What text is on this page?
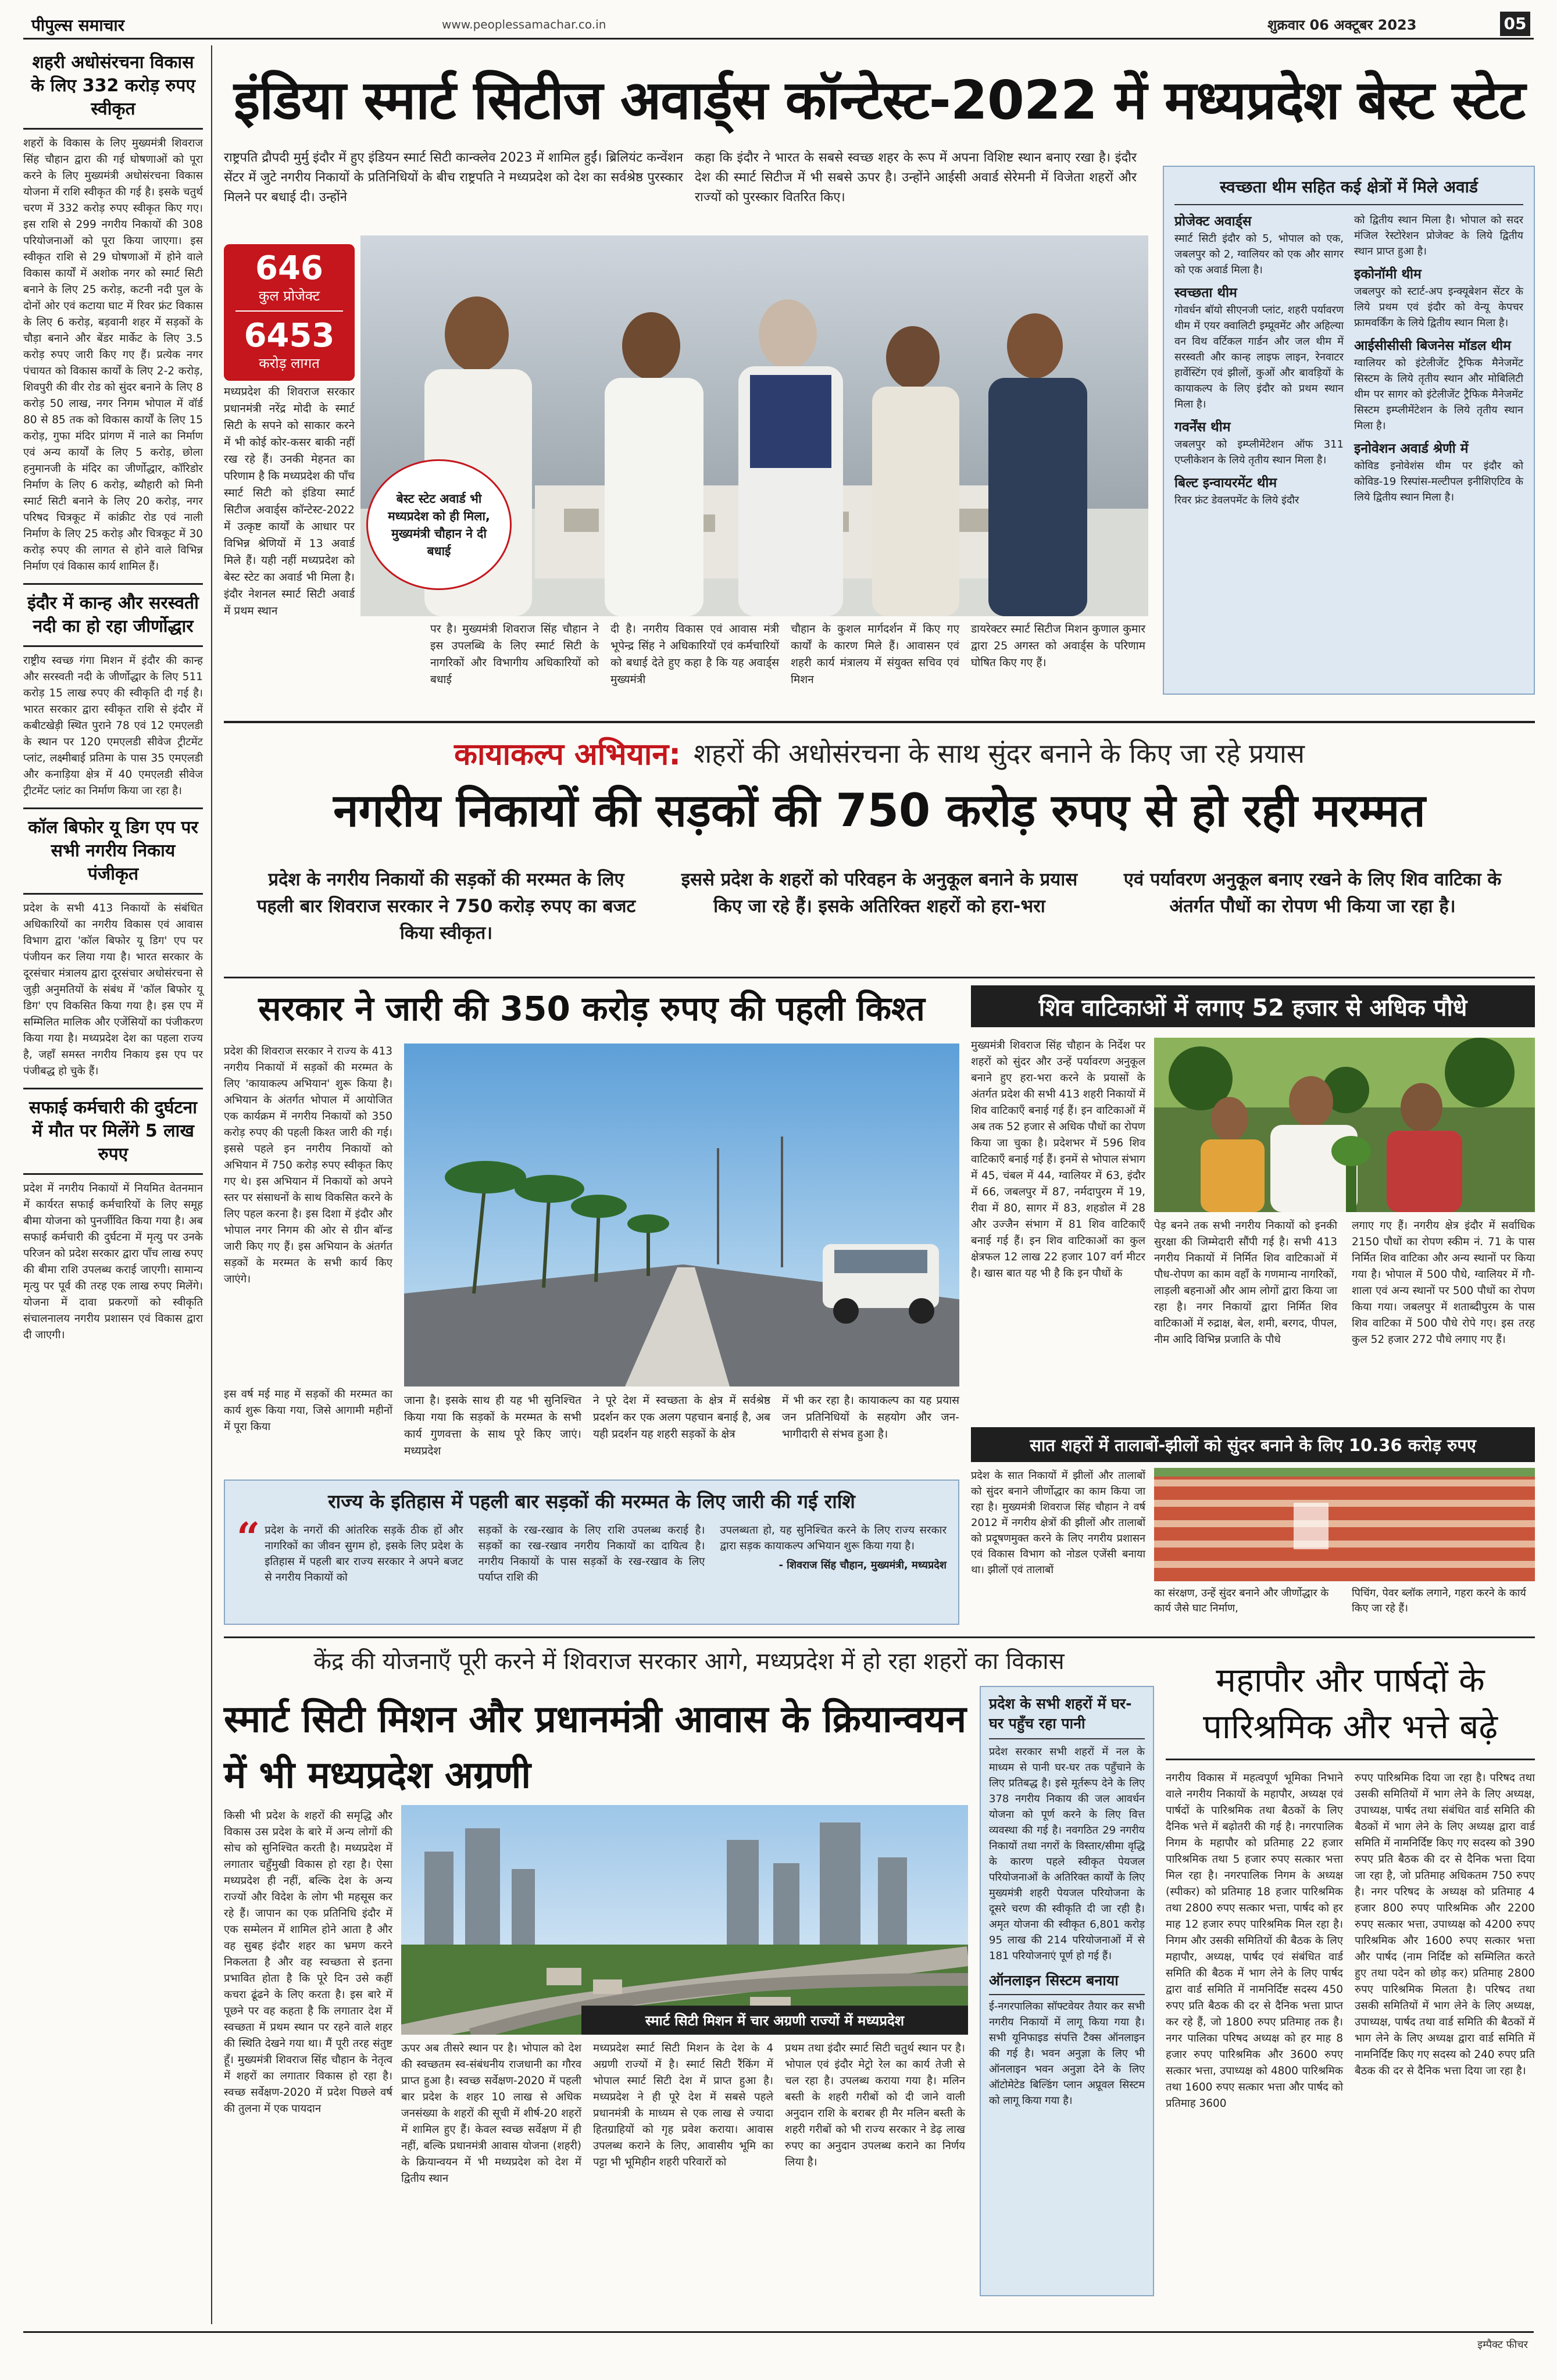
पीपुल्स समाचार	www.peoplessamachar.co.in	शुक्रवार 06 अक्टूबर 2023	05
शहरी अधोसंरचना विकास के लिए 332 करोड़ रुपए स्वीकृत

शहरों के विकास के लिए मुख्यमंत्री शिवराज सिंह चौहान द्वारा की गई घोषणाओं को पूरा करने के लिए मुख्यमंत्री अधोसंरचना विकास योजना में राशि स्वीकृत की गई है। इसके चतुर्थ चरण में 332 करोड़ रुपए स्वीकृत किए गए। इस राशि से 299 नगरीय निकायों की 308 परियोजनाओं को पूरा किया जाएगा। इस स्वीकृत राशि से 29 घोषणाओं में होने वाले विकास कार्यों में अशोक नगर को स्मार्ट सिटी बनाने के लिए 25 करोड़, कटनी नदी पुल के दोनों ओर एवं कटाया घाट में रिवर फ्रंट विकास के लिए 6 करोड़, बड़वानी शहर में सड़कों के चौड़ा बनाने और बेंडर मार्केट के लिए 3.5 करोड़ रुपए जारी किए गए हैं। प्रत्येक नगर पंचायत को विकास कार्यों के लिए 2-2 करोड़, शिवपुरी की वीर रोड को सुंदर बनाने के लिए 8 करोड़ 50 लाख, नगर निगम भोपाल में वॉर्ड 80 से 85 तक को विकास कार्यों के लिए 15 करोड़, गुफा मंदिर प्रांगण में नाले का निर्माण एवं अन्य कार्यों के लिए 5 करोड़, छोला हनुमानजी के मंदिर का जीर्णोद्धार, कॉरिडोर निर्माण के लिए 6 करोड़, ब्यौहारी को मिनी स्मार्ट सिटी बनाने के लिए 20 करोड़, नगर परिषद चित्रकूट में कांक्रीट रोड एवं नाली निर्माण के लिए 25 करोड़ और चित्रकूट में 30 करोड़ रुपए की लागत से होने वाले विभिन्न निर्माण एवं विकास कार्य शामिल हैं।

इंदौर में कान्ह और सरस्वती नदी का हो रहा जीर्णोद्धार

राष्ट्रीय स्वच्छ गंगा मिशन में इंदौर की कान्ह और सरस्वती नदी के जीर्णोद्धार के लिए 511 करोड़ 15 लाख रुपए की स्वीकृति दी गई है। भारत सरकार द्वारा स्वीकृत राशि से इंदौर में कबीटखेड़ी स्थित पुराने 78 एवं 12 एमएलडी के स्थान पर 120 एमएलडी सीवेज ट्रीटमेंट प्लांट, लक्ष्मीबाई प्रतिमा के पास 35 एमएलडी और कनाड़िया क्षेत्र में 40 एमएलडी सीवेज ट्रीटमेंट प्लांट का निर्माण किया जा रहा है।

कॉल बिफोर यू डिग एप पर सभी नगरीय निकाय पंजीकृत

प्रदेश के सभी 413 निकायों के संबंधित अधिकारियों का नगरीय विकास एवं आवास विभाग द्वारा 'कॉल बिफोर यू डिग' एप पर पंजीयन कर लिया गया है। भारत सरकार के दूरसंचार मंत्रालय द्वारा दूरसंचार अधोसंरचना से जुड़ी अनुमतियों के संबंध में 'कॉल बिफोर यू डिग' एप विकसित किया गया है। इस एप में सम्मिलित मालिक और एजेंसियों का पंजीकरण किया गया है। मध्यप्रदेश देश का पहला राज्य है, जहाँ समस्त नगरीय निकाय इस एप पर पंजीबद्ध हो चुके हैं।

सफाई कर्मचारी की दुर्घटना में मौत पर मिलेंगे 5 लाख रुपए

प्रदेश में नगरीय निकायों में नियमित वेतनमान में कार्यरत सफाई कर्मचारियों के लिए समूह बीमा योजना को पुनर्जीवित किया गया है। अब सफाई कर्मचारी की दुर्घटना में मृत्यु पर उनके परिजन को प्रदेश सरकार द्वारा पाँच लाख रुपए की बीमा राशि उपलब्ध कराई जाएगी। सामान्य मृत्यु पर पूर्व की तरह एक लाख रुपए मिलेंगे। योजना में दावा प्रकरणों को स्वीकृति संचालनालय नगरीय प्रशासन एवं विकास द्वारा दी जाएगी।

इंडिया स्मार्ट सिटीज अवार्ड्स कॉन्टेस्ट-2022 में मध्यप्रदेश बेस्ट स्टेट

राष्ट्रपति द्रौपदी मुर्मु इंदौर में हुए इंडियन स्मार्ट सिटी कान्क्लेव 2023 में शामिल हुईं। ब्रिलियंट कन्वेंशन सेंटर में जुटे नगरीय निकायों के प्रतिनिधियों के बीच राष्ट्रपति ने मध्यप्रदेश को देश का सर्वश्रेष्ठ पुरस्कार मिलने पर बधाई दी। उन्होंने

कहा कि इंदौर ने भारत के सबसे स्वच्छ शहर के रूप में अपना विशिष्ट स्थान बनाए रखा है। इंदौर देश की स्मार्ट सिटीज में भी सबसे ऊपर है। उन्होंने आईसी अवार्ड सेरेमनी में विजेता शहरों और राज्यों को पुरस्कार वितरित किए।

646
कुल प्रोजेक्ट
6453
करोड़ लागत
बेस्ट स्टेट अवार्ड भी मध्यप्रदेश को ही मिला, मुख्यमंत्री चौहान ने दी बधाई

मध्यप्रदेश की शिवराज सरकार प्रधानमंत्री नरेंद्र मोदी के स्मार्ट सिटी के सपने को साकार करने में भी कोई कोर-कसर बाकी नहीं रख रहे हैं। उनकी मेहनत का परिणाम है कि मध्यप्रदेश की पाँच स्मार्ट सिटी को इंडिया स्मार्ट सिटीज अवार्ड्स कॉन्टेस्ट-2022 में उत्कृष्ट कार्यों के आधार पर विभिन्न श्रेणियों में 13 अवार्ड मिले हैं। यही नहीं मध्यप्रदेश को बेस्ट स्टेट का अवार्ड भी मिला है। इंदौर नेशनल स्मार्ट सिटी अवार्ड में प्रथम स्थान

पर है। मुख्यमंत्री शिवराज सिंह चौहान ने इस उपलब्धि के लिए स्मार्ट सिटी के नागरिकों और विभागीय अधिकारियों को बधाई

दी है। नगरीय विकास एवं आवास मंत्री भूपेन्द्र सिंह ने अधिकारियों एवं कर्मचारियों को बधाई देते हुए कहा है कि यह अवार्ड्स मुख्यमंत्री

चौहान के कुशल मार्गदर्शन में किए गए कार्यों के कारण मिले हैं। आवासन एवं शहरी कार्य मंत्रालय में संयुक्त सचिव एवं मिशन

डायरेक्टर स्मार्ट सिटीज मिशन कुणाल कुमार द्वारा 25 अगस्त को अवार्ड्स के परिणाम घोषित किए गए हैं।

स्वच्छता थीम सहित कई क्षेत्रों में मिले अवार्ड
प्रोजेक्ट अवार्ड्स

स्मार्ट सिटी इंदौर को 5, भोपाल को एक, जबलपुर को 2, ग्वालियर को एक और सागर को एक अवार्ड मिला है।

स्वच्छता थीम

गोवर्धन बॉयो सीएनजी प्लांट, शहरी पर्यावरण थीम में एयर क्वालिटी इम्प्रूवमेंट और अहिल्या वन विथ वर्टिकल गार्डन और जल थीम में सरस्वती और कान्ह लाइफ लाइन, रेनवाटर हार्वेस्टिंग एवं झीलों, कुओं और बावड़ियों के कायाकल्प के लिए इंदौर को प्रथम स्थान मिला है।

गवर्नेंस थीम

जबलपुर को इम्प्लीमेंटेशन ऑफ 311 एप्लीकेशन के लिये तृतीय स्थान मिला है।

बिल्ट इन्वायरमेंट थीम

रिवर फ्रंट डेवलपमेंट के लिये इंदौर

को द्वितीय स्थान मिला है। भोपाल को सदर मंजिल रेस्टोरेशन प्रोजेक्ट के लिये द्वितीय स्थान प्राप्त हुआ है।

इकोनॉमी थीम

जबलपुर को स्टार्ट-अप इन्क्यूबेशन सेंटर के लिये प्रथम एवं इंदौर को वेन्यू केपचर फ्रामवर्किंग के लिये द्वितीय स्थान मिला है।

आईसीसीसी बिजनेस मॉडल थीम

ग्वालियर को इंटेलीजेंट ट्रैफिक मैनेजमेंट सिस्टम के लिये तृतीय स्थान और मोबिलिटी थीम पर सागर को इंटेलीजेंट ट्रैफिक मैनेजमेंट सिस्टम इम्प्लीमेंटेशन के लिये तृतीय स्थान मिला है।

इनोवेशन अवार्ड श्रेणी में

कोविड इनोवेशंस थीम पर इंदौर को कोविड-19 रिस्पांस-मल्टीपल इनीशिएटिव के लिये द्वितीय स्थान मिला है।

कायाकल्प अभियान: शहरों की अधोसंरचना के साथ सुंदर बनाने के किए जा रहे प्रयास
नगरीय निकायों की सड़कों की 750 करोड़ रुपए से हो रही मरम्मत
प्रदेश के नगरीय निकायों की सड़कों की मरम्मत के लिए पहली बार शिवराज सरकार ने 750 करोड़ रुपए का बजट किया स्वीकृत।
इससे प्रदेश के शहरों को परिवहन के अनुकूल बनाने के प्रयास किए जा रहे हैं। इसके अतिरिक्त शहरों को हरा-भरा
एवं पर्यावरण अनुकूल बनाए रखने के लिए शिव वाटिका के अंतर्गत पौधों का रोपण भी किया जा रहा है।
सरकार ने जारी की 350 करोड़ रुपए की पहली किश्त

प्रदेश की शिवराज सरकार ने राज्य के 413 नगरीय निकायों में सड़कों की मरम्मत के लिए 'कायाकल्प अभियान' शुरू किया है। अभियान के अंतर्गत भोपाल में आयोजित एक कार्यक्रम में नगरीय निकायों को 350 करोड़ रुपए की पहली किश्त जारी की गई। इससे पहले इन नगरीय निकायों को अभियान में 750 करोड़ रुपए स्वीकृत किए गए थे। इस अभियान में निकायों को अपने स्तर पर संसाधनों के साथ विकसित करने के लिए पहल करना है। इस दिशा में इंदौर और भोपाल नगर निगम की ओर से ग्रीन बॉन्ड जारी किए गए हैं। इस अभियान के अंतर्गत सड़कों के मरम्मत के सभी कार्य किए जाएंगे।

इस वर्ष मई माह में सड़कों की मरम्मत का कार्य शुरू किया गया, जिसे आगामी महीनों में पूरा किया

जाना है। इसके साथ ही यह भी सुनिश्चित किया गया कि सड़कों के मरम्मत के सभी कार्य गुणवत्ता के साथ पूरे किए जाएं। मध्यप्रदेश

ने पूरे देश में स्वच्छता के क्षेत्र में सर्वश्रेष्ठ प्रदर्शन कर एक अलग पहचान बनाई है, अब यही प्रदर्शन यह शहरी सड़कों के क्षेत्र

में भी कर रहा है। कायाकल्प का यह प्रयास जन प्रतिनिधियों के सहयोग और जन-भागीदारी से संभव हुआ है।

राज्य के इतिहास में पहली बार सड़कों की मरम्मत के लिए जारी की गई राशि
“ प्रदेश के नगरों की आंतरिक सड़कें ठीक हों और नागरिकों का जीवन सुगम हो, इसके लिए प्रदेश के इतिहास में पहली बार राज्य सरकार ने अपने बजट से नगरीय निकायों को

सड़कों के रख-रखाव के लिए राशि उपलब्ध कराई है। सड़कों का रख-रखाव नगरीय निकायों का दायित्व है। नगरीय निकायों के पास सड़कों के रख-रखाव के लिए पर्याप्त राशि की

उपलब्धता हो, यह सुनिश्चित करने के लिए राज्य सरकार द्वारा सड़क कायाकल्प अभियान शुरू किया गया है।

- शिवराज सिंह चौहान, मुख्यमंत्री, मध्यप्रदेश
शिव वाटिकाओं में लगाए 52 हजार से अधिक पौधे

मुख्यमंत्री शिवराज सिंह चौहान के निर्देश पर शहरों को सुंदर और उन्हें पर्यावरण अनुकूल बनाने हुए हरा-भरा करने के प्रयासों के अंतर्गत प्रदेश की सभी 413 शहरी निकायों में शिव वाटिकाएँ बनाई गई हैं। इन वाटिकाओं में अब तक 52 हजार से अधिक पौधों का रोपण किया जा चुका है। प्रदेशभर में 596 शिव वाटिकाएँ बनाई गई हैं। इनमें से भोपाल संभाग में 45, चंबल में 44, ग्वालियर में 63, इंदौर में 66, जबलपुर में 87, नर्मदापुरम में 19, रीवा में 80, सागर में 83, शहडोल में 28 और उज्जैन संभाग में 81 शिव वाटिकाएँ बनाई गई हैं। इन शिव वाटिकाओं का कुल क्षेत्रफल 12 लाख 22 हजार 107 वर्ग मीटर है। खास बात यह भी है कि इन पौधों के

पेड़ बनने तक सभी नगरीय निकायों को इनकी सुरक्षा की जिम्मेदारी सौंपी गई है। सभी 413 नगरीय निकायों में निर्मित शिव वाटिकाओं में पौध-रोपण का काम वहाँ के गणमान्य नागरिकों, लाड़ली बहनाओं और आम लोगों द्वारा किया जा रहा है। नगर निकायों द्वारा निर्मित शिव वाटिकाओं में रुद्राक्ष, बेल, शमी, बरगद, पीपल, नीम आदि विभिन्न प्रजाति के पौधे

लगाए गए हैं। नगरीय क्षेत्र इंदौर में सर्वाधिक 2150 पौधों का रोपण स्कीम नं. 71 के पास निर्मित शिव वाटिका और अन्य स्थानों पर किया गया है। भोपाल में 500 पौधे, ग्वालियर में गौ-शाला एवं अन्य स्थानों पर 500 पौधों का रोपण किया गया। जबलपुर में शताब्दीपुरम के पास शिव वाटिका में 500 पौधे रोपे गए। इस तरह कुल 52 हजार 272 पौधे लगाए गए हैं।

सात शहरों में तालाबों-झीलों को सुंदर बनाने के लिए 10.36 करोड़ रुपए

प्रदेश के सात निकायों में झीलों और तालाबों को सुंदर बनाने जीर्णोद्धार का काम किया जा रहा है। मुख्यमंत्री शिवराज सिंह चौहान ने वर्ष 2012 में नगरीय क्षेत्रों की झीलों और तालाबों को प्रदूषणमुक्त करने के लिए नगरीय प्रशासन एवं विकास विभाग को नोडल एजेंसी बनाया था। झीलों एवं तालाबों

का संरक्षण, उन्हें सुंदर बनाने और जीर्णोद्धार के कार्य जैसे घाट निर्माण,
पिचिंग, पेवर ब्लॉक लगाने, गहरा करने के कार्य किए जा रहे हैं।
केंद्र की योजनाएँ पूरी करने में शिवराज सरकार आगे, मध्यप्रदेश में हो रहा शहरों का विकास
स्मार्ट सिटी मिशन और प्रधानमंत्री आवास के क्रियान्वयन में भी मध्यप्रदेश अग्रणी

किसी भी प्रदेश के शहरों की समृद्धि और विकास उस प्रदेश के बारे में अन्य लोगों की सोच को सुनिश्चित करती है। मध्यप्रदेश में लगातार चहुँमुखी विकास हो रहा है। ऐसा मध्यप्रदेश ही नहीं, बल्कि देश के अन्य राज्यों और विदेश के लोग भी महसूस कर रहे हैं। जापान का एक प्रतिनिधि इंदौर में एक सम्मेलन में शामिल होने आता है और वह सुबह इंदौर शहर का भ्रमण करने निकलता है और वह स्वच्छता से इतना प्रभावित होता है कि पूरे दिन उसे कहीं कचरा ढूंढने के लिए करता है। इस बारे में पूछने पर वह कहता है कि लगातार देश में स्वच्छता में प्रथम स्थान पर रहने वाले शहर की स्थिति देखने गया था। मैं पूरी तरह संतुष्ट हूँ। मुख्यमंत्री शिवराज सिंह चौहान के नेतृत्व में शहरों का लगातार विकास हो रहा है। स्वच्छ सर्वेक्षण-2020 में प्रदेश पिछले वर्ष की तुलना में एक पायदान

स्मार्ट सिटी मिशन में चार अग्रणी राज्यों में मध्यप्रदेश

ऊपर अब तीसरे स्थान पर है। भोपाल को देश की स्वच्छतम स्व-संबंधनीय राजधानी का गौरव प्राप्त हुआ है। स्वच्छ सर्वेक्षण-2020 में पहली बार प्रदेश के शहर 10 लाख से अधिक जनसंख्या के शहरों की सूची में शीर्ष-20 शहरों में शामिल हुए हैं। केवल स्वच्छ सर्वेक्षण में ही नहीं, बल्कि प्रधानमंत्री आवास योजना (शहरी) के क्रियान्वयन में भी मध्यप्रदेश को देश में द्वितीय स्थान

मध्यप्रदेश स्मार्ट सिटी मिशन के देश के 4 अग्रणी राज्यों में है। स्मार्ट सिटी रैंकिंग में भोपाल स्मार्ट सिटी देश में प्राप्त हुआ है। मध्यप्रदेश ने ही पूरे देश में सबसे पहले प्रधानमंत्री के माध्यम से एक लाख से ज्यादा हितग्राहियों को गृह प्रवेश कराया। आवास उपलब्ध कराने के लिए, आवासीय भूमि का पट्टा भी भूमिहीन शहरी परिवारों को

प्रथम तथा इंदौर स्मार्ट सिटी चतुर्थ स्थान पर है। भोपाल एवं इंदौर मेट्रो रेल का कार्य तेजी से चल रहा है। उपलब्ध कराया गया है। मलिन बस्ती के शहरी गरीबों को दी जाने वाली अनुदान राशि के बराबर ही मैर मलिन बस्ती के शहरी गरीबों को भी राज्य सरकार ने डेढ़ लाख रुपए का अनुदान उपलब्ध कराने का निर्णय लिया है।

प्रदेश के सभी शहरों में घर-घर पहुँच रहा पानी

प्रदेश सरकार सभी शहरों में नल के माध्यम से पानी घर-घर तक पहुँचाने के लिए प्रतिबद्ध है। इसे मूर्तरूप देने के लिए 378 नगरीय निकाय की जल आवर्धन योजना को पूर्ण करने के लिए वित्त व्यवस्था की गई है। नवगठित 29 नगरीय निकायों तथा नगरों के विस्तार/सीमा वृद्धि के कारण पहले स्वीकृत पेयजल परियोजनाओं के अतिरिक्त कार्यों के लिए मुख्यमंत्री शहरी पेयजल परियोजना के दूसरे चरण की स्वीकृति दी जा रही है। अमृत योजना की स्वीकृत 6,801 करोड़ 95 लाख की 214 परियोजनाओं में से 181 परियोजनाएं पूर्ण हो गई हैं।

ऑनलाइन सिस्टम बनाया

ई-नगरपालिका सॉफ्टवेयर तैयार कर सभी नगरीय निकायों में लागू किया गया है। सभी यूनिफाइड संपत्ति टैक्स ऑनलाइन की गई है। भवन अनुज्ञा के लिए भी ऑनलाइन भवन अनुज्ञा देने के लिए ऑटोमेटेड बिल्डिंग प्लान अप्रूवल सिस्टम को लागू किया गया है।

महापौर और पार्षदों के पारिश्रमिक और भत्ते बढ़े

नगरीय विकास में महत्वपूर्ण भूमिका निभाने वाले नगरीय निकायों के महापौर, अध्यक्ष एवं पार्षदों के पारिश्रमिक तथा बैठकों के लिए दैनिक भत्ते में बढ़ोतरी की गई है। नगरपालिक निगम के महापौर को प्रतिमाह 22 हजार पारिश्रमिक तथा 5 हजार रुपए सत्कार भत्ता मिल रहा है। नगरपालिक निगम के अध्यक्ष (स्पीकर) को प्रतिमाह 18 हजार पारिश्रमिक तथा 2800 रुपए सत्कार भत्ता, पार्षद को हर माह 12 हजार रुपए पारिश्रमिक मिल रहा है। निगम और उसकी समितियों की बैठक के लिए महापौर, अध्यक्ष, पार्षद एवं संबंधित वार्ड समिति की बैठक में भाग लेने के लिए पार्षद द्वारा वार्ड समिति में नामनिर्दिष्ट सदस्य 450 रुपए प्रति बैठक की दर से दैनिक भत्ता प्राप्त कर रहे हैं, जो 1800 रुपए प्रतिमाह तक है। नगर पालिका परिषद अध्यक्ष को हर माह 8 हजार रुपए पारिश्रमिक और 3600 रुपए सत्कार भत्ता, उपाध्यक्ष को 4800 पारिश्रमिक तथा 1600 रुपए सत्कार भत्ता और पार्षद को प्रतिमाह 3600

रुपए पारिश्रमिक दिया जा रहा है। परिषद तथा उसकी समितियों में भाग लेने के लिए अध्यक्ष, उपाध्यक्ष, पार्षद तथा संबंधित वार्ड समिति की बैठकों में भाग लेने के लिए अध्यक्ष द्वारा वार्ड समिति में नामनिर्दिष्ट किए गए सदस्य को 390 रुपए प्रति बैठक की दर से दैनिक भत्ता दिया जा रहा है, जो प्रतिमाह अधिकतम 750 रुपए है। नगर परिषद के अध्यक्ष को प्रतिमाह 4 हजार 800 रुपए पारिश्रमिक और 2200 रुपए सत्कार भत्ता, उपाध्यक्ष को 4200 रुपए पारिश्रमिक और 1600 रुपए सत्कार भत्ता और पार्षद (नाम निर्दिष्ट को सम्मिलित करते हुए तथा पदेन को छोड़ कर) प्रतिमाह 2800 रुपए पारिश्रमिक मिलता है। परिषद तथा उसकी समितियों में भाग लेने के लिए अध्यक्ष, उपाध्यक्ष, पार्षद तथा वार्ड समिति की बैठकों में भाग लेने के लिए अध्यक्ष द्वारा वार्ड समिति में नामनिर्दिष्ट किए गए सदस्य को 240 रुपए प्रति बैठक की दर से दैनिक भत्ता दिया जा रहा है।

इम्पैक्ट फीचर
